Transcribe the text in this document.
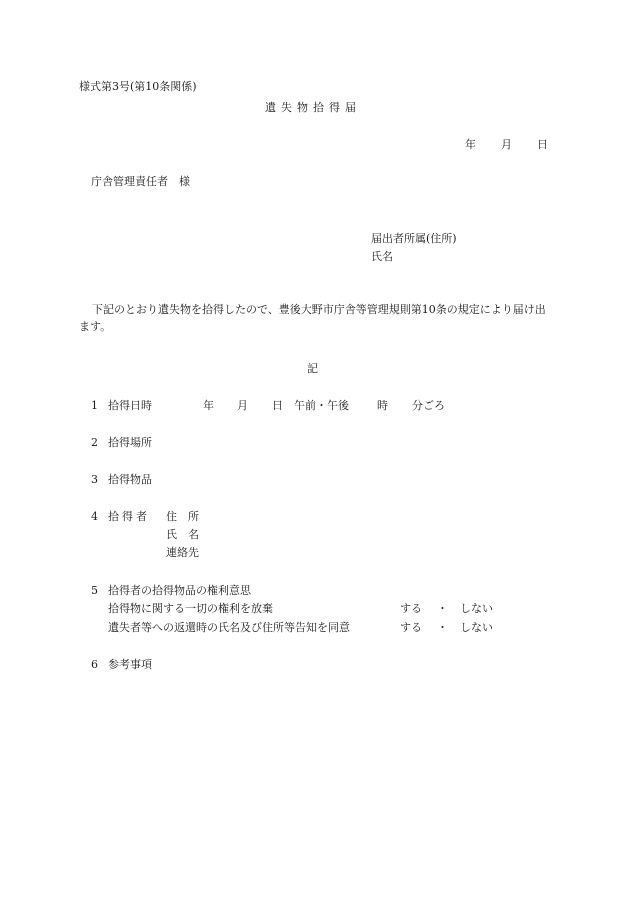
様式第3号(第10条関係)
遺失物拾得届
年 月 日
庁舎管理責任者　様
届出者所属(住所)
氏名

下記のとおり遺失物を拾得したので、豊後大野市庁舎等管理規則第10条の規定により届け出ます。

記
1 拾得日時	年 月 日 午前・午後	時 分ごろ
2 拾得場所
3 拾得物品
4 拾得者 住　所
氏　名
連絡先
5 拾得者の拾得物品の権利意思
拾得物に関する一切の権利を放棄	する ・ しない
遺失者等への返還時の氏名及び住所等告知を同意	する ・ しない
6 参考事項
